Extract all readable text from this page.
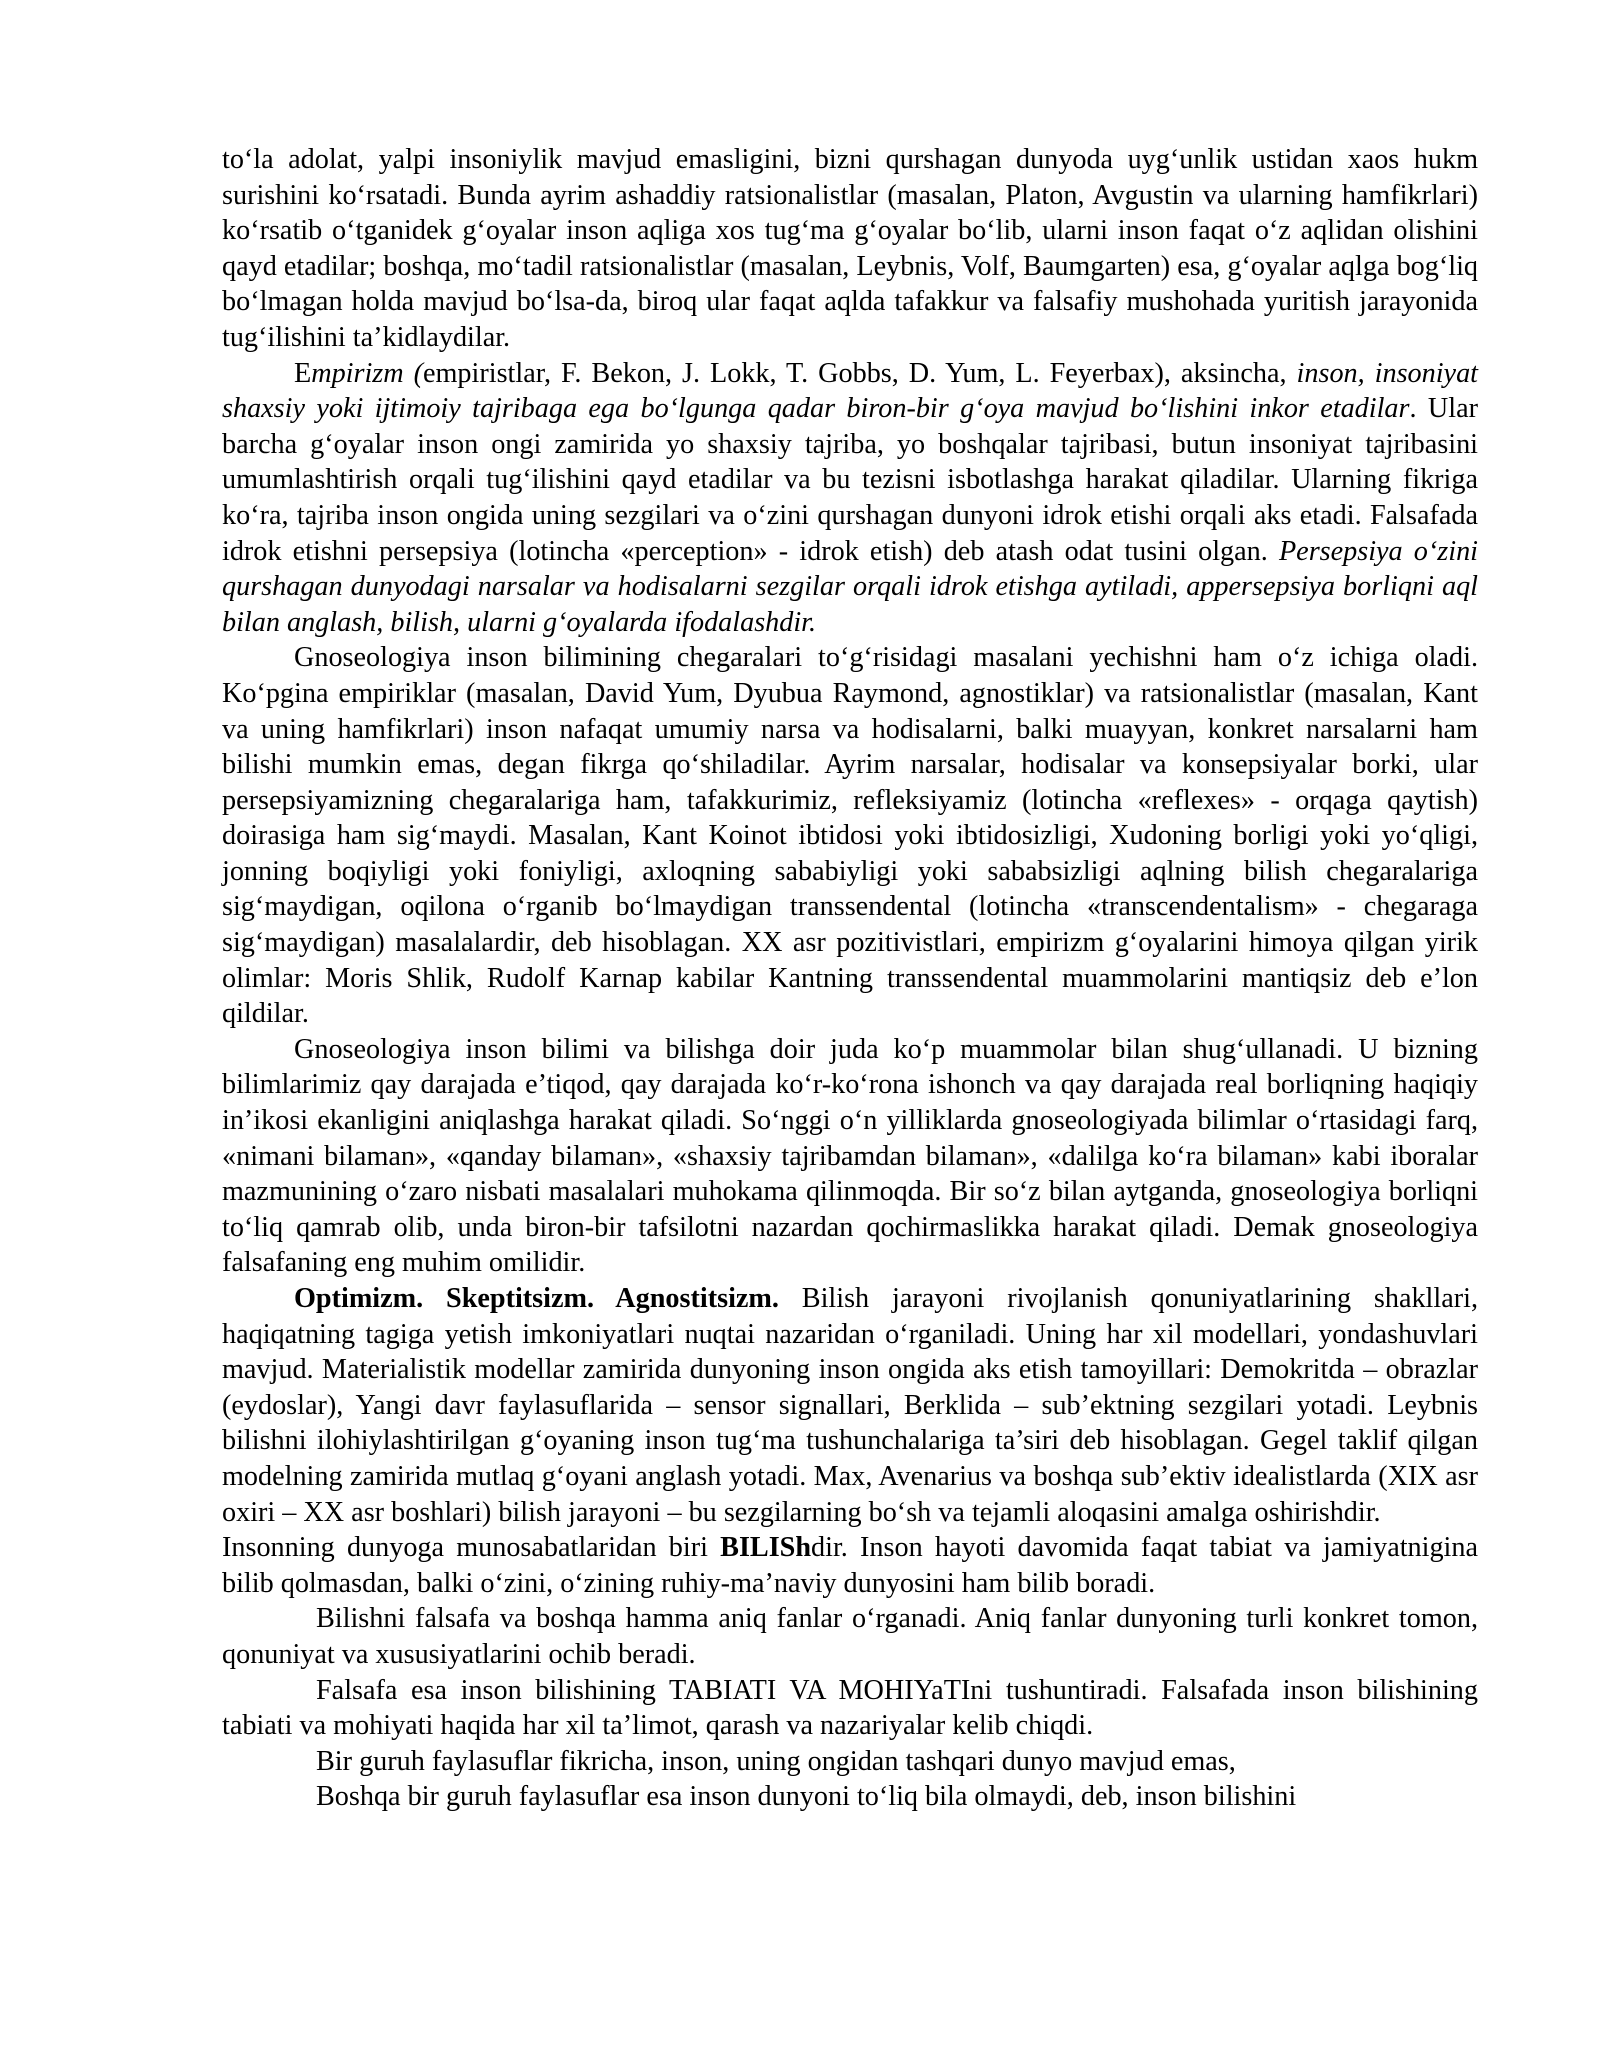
to‘la adolat, yalpi insoniylik mavjud emasligini, bizni qurshagan dunyoda uyg‘unlik ustidan xaos hukm surishini ko‘rsatadi. Bunda ayrim ashaddiy ratsionalistlar (masalan, Platon, Avgustin va ularning hamfikrlari) ko‘rsatib o‘tganidek g‘oyalar inson aqliga xos tug‘ma g‘oyalar bo‘lib, ularni inson faqat o‘z aqlidan olishini qayd etadilar; boshqa, mo‘tadil ratsionalistlar (masalan, Leybnis, Volf, Baumgarten) esa, g‘oyalar aqlga bog‘liq bo‘lmagan holda mavjud bo‘lsa-da, biroq ular faqat aqlda tafakkur va falsafiy mushohada yuritish jarayonida tug‘ilishini ta’kidlaydilar.

Empirizm (empiristlar, F. Bekon, J. Lokk, T. Gobbs, D. Yum, L. Feyerbax), aksincha, inson, insoniyat shaxsiy yoki ijtimoiy tajribaga ega bo‘lgunga qadar biron-bir g‘oya mavjud bo‘lishini inkor etadilar. Ular barcha g‘oyalar inson ongi zamirida yo shaxsiy tajriba, yo boshqalar tajribasi, butun insoniyat tajribasini umumlashtirish orqali tug‘ilishini qayd etadilar va bu tezisni isbotlashga harakat qiladilar. Ularning fikriga ko‘ra, tajriba inson ongida uning sezgilari va o‘zini qurshagan dunyoni idrok etishi orqali aks etadi. Falsafada idrok etishni persepsiya (lotincha «perception» - idrok etish) deb atash odat tusini olgan. Persepsiya o‘zini qurshagan dunyodagi narsalar va hodisalarni sezgilar orqali idrok etishga aytiladi, appersepsiya borliqni aql bilan anglash, bilish, ularni g‘oyalarda ifodalashdir.

Gnoseologiya inson bilimining chegaralari to‘g‘risidagi masalani yechishni ham o‘z ichiga oladi. Ko‘pgina empiriklar (masalan, David Yum, Dyubua Raymond, agnostiklar) va ratsionalistlar (masalan, Kant va uning hamfikrlari) inson nafaqat umumiy narsa va hodisalarni, balki muayyan, konkret narsalarni ham bilishi mumkin emas, degan fikrga qo‘shiladilar. Ayrim narsalar, hodisalar va konsepsiyalar borki, ular persepsiyamizning chegaralariga ham, tafakkurimiz, refleksiyamiz (lotincha «reflexes» - orqaga qaytish) doirasiga ham sig‘maydi. Masalan, Kant Koinot ibtidosi yoki ibtidosizligi, Xudoning borligi yoki yo‘qligi, jonning boqiyligi yoki foniyligi, axloqning sababiyligi yoki sababsizligi aqlning bilish chegaralariga sig‘maydigan, oqilona o‘rganib bo‘lmaydigan transsendental (lotincha «transcendentalism» - chegaraga sig‘maydigan) masalalardir, deb hisoblagan. XX asr pozitivistlari, empirizm g‘oyalarini himoya qilgan yirik olimlar: Moris Shlik, Rudolf Karnap kabilar Kantning transsendental muammolarini mantiqsiz deb e’lon qildilar.

Gnoseologiya inson bilimi va bilishga doir juda ko‘p muammolar bilan shug‘ullanadi. U bizning bilimlarimiz qay darajada e’tiqod, qay darajada ko‘r-ko‘rona ishonch va qay darajada real borliqning haqiqiy in’ikosi ekanligini aniqlashga harakat qiladi. So‘nggi o‘n yilliklarda gnoseologiyada bilimlar o‘rtasidagi farq, «nimani bilaman», «qanday bilaman», «shaxsiy tajribamdan bilaman», «dalilga ko‘ra bilaman» kabi iboralar mazmunining o‘zaro nisbati masalalari muhokama qilinmoqda. Bir so‘z bilan aytganda, gnoseologiya borliqni to‘liq qamrab olib, unda biron-bir tafsilotni nazardan qochirmaslikka harakat qiladi. Demak gnoseologiya falsafaning eng muhim omilidir.

Optimizm. Skeptitsizm. Agnostitsizm. Bilish jarayoni rivojlanish qonuniyatlarining shakllari, haqiqatning tagiga yetish imkoniyatlari nuqtai nazaridan o‘rganiladi. Uning har xil modellari, yondashuvlari mavjud. Materialistik modellar zamirida dunyoning inson ongida aks etish tamoyillari: Demokritda – obrazlar (eydoslar), Yangi davr faylasuflarida – sensor signallari, Berklida – sub’ektning sezgilari yotadi. Leybnis bilishni ilohiylashtirilgan g‘oyaning inson tug‘ma tushunchalariga ta’siri deb hisoblagan. Gegel taklif qilgan modelning zamirida mutlaq g‘oyani anglash yotadi. Max, Avenarius va boshqa sub’ektiv idealistlarda (XIX asr oxiri – XX asr boshlari) bilish jarayoni – bu sezgilarning bo‘sh va tejamli aloqasini amalga oshirishdir.

Insonning dunyoga munosabatlaridan biri BILIShdir. Inson hayoti davomida faqat tabiat va jamiyatnigina bilib qolmasdan, balki o‘zini, o‘zining ruhiy-ma’naviy dunyosini ham bilib boradi.

Bilishni falsafa va boshqa hamma aniq fanlar o‘rganadi. Aniq fanlar dunyoning turli konkret tomon, qonuniyat va xususiyatlarini ochib beradi.

Falsafa esa inson bilishining TABIATI VA MOHIYaTIni tushuntiradi. Falsafada inson bilishining tabiati va mohiyati haqida har xil ta’limot, qarash va nazariyalar kelib chiqdi.

Bir guruh faylasuflar fikricha, inson, uning ongidan tashqari dunyo mavjud emas,

Boshqa bir guruh faylasuflar esa inson dunyoni to‘liq bila olmaydi, deb, inson bilishini
